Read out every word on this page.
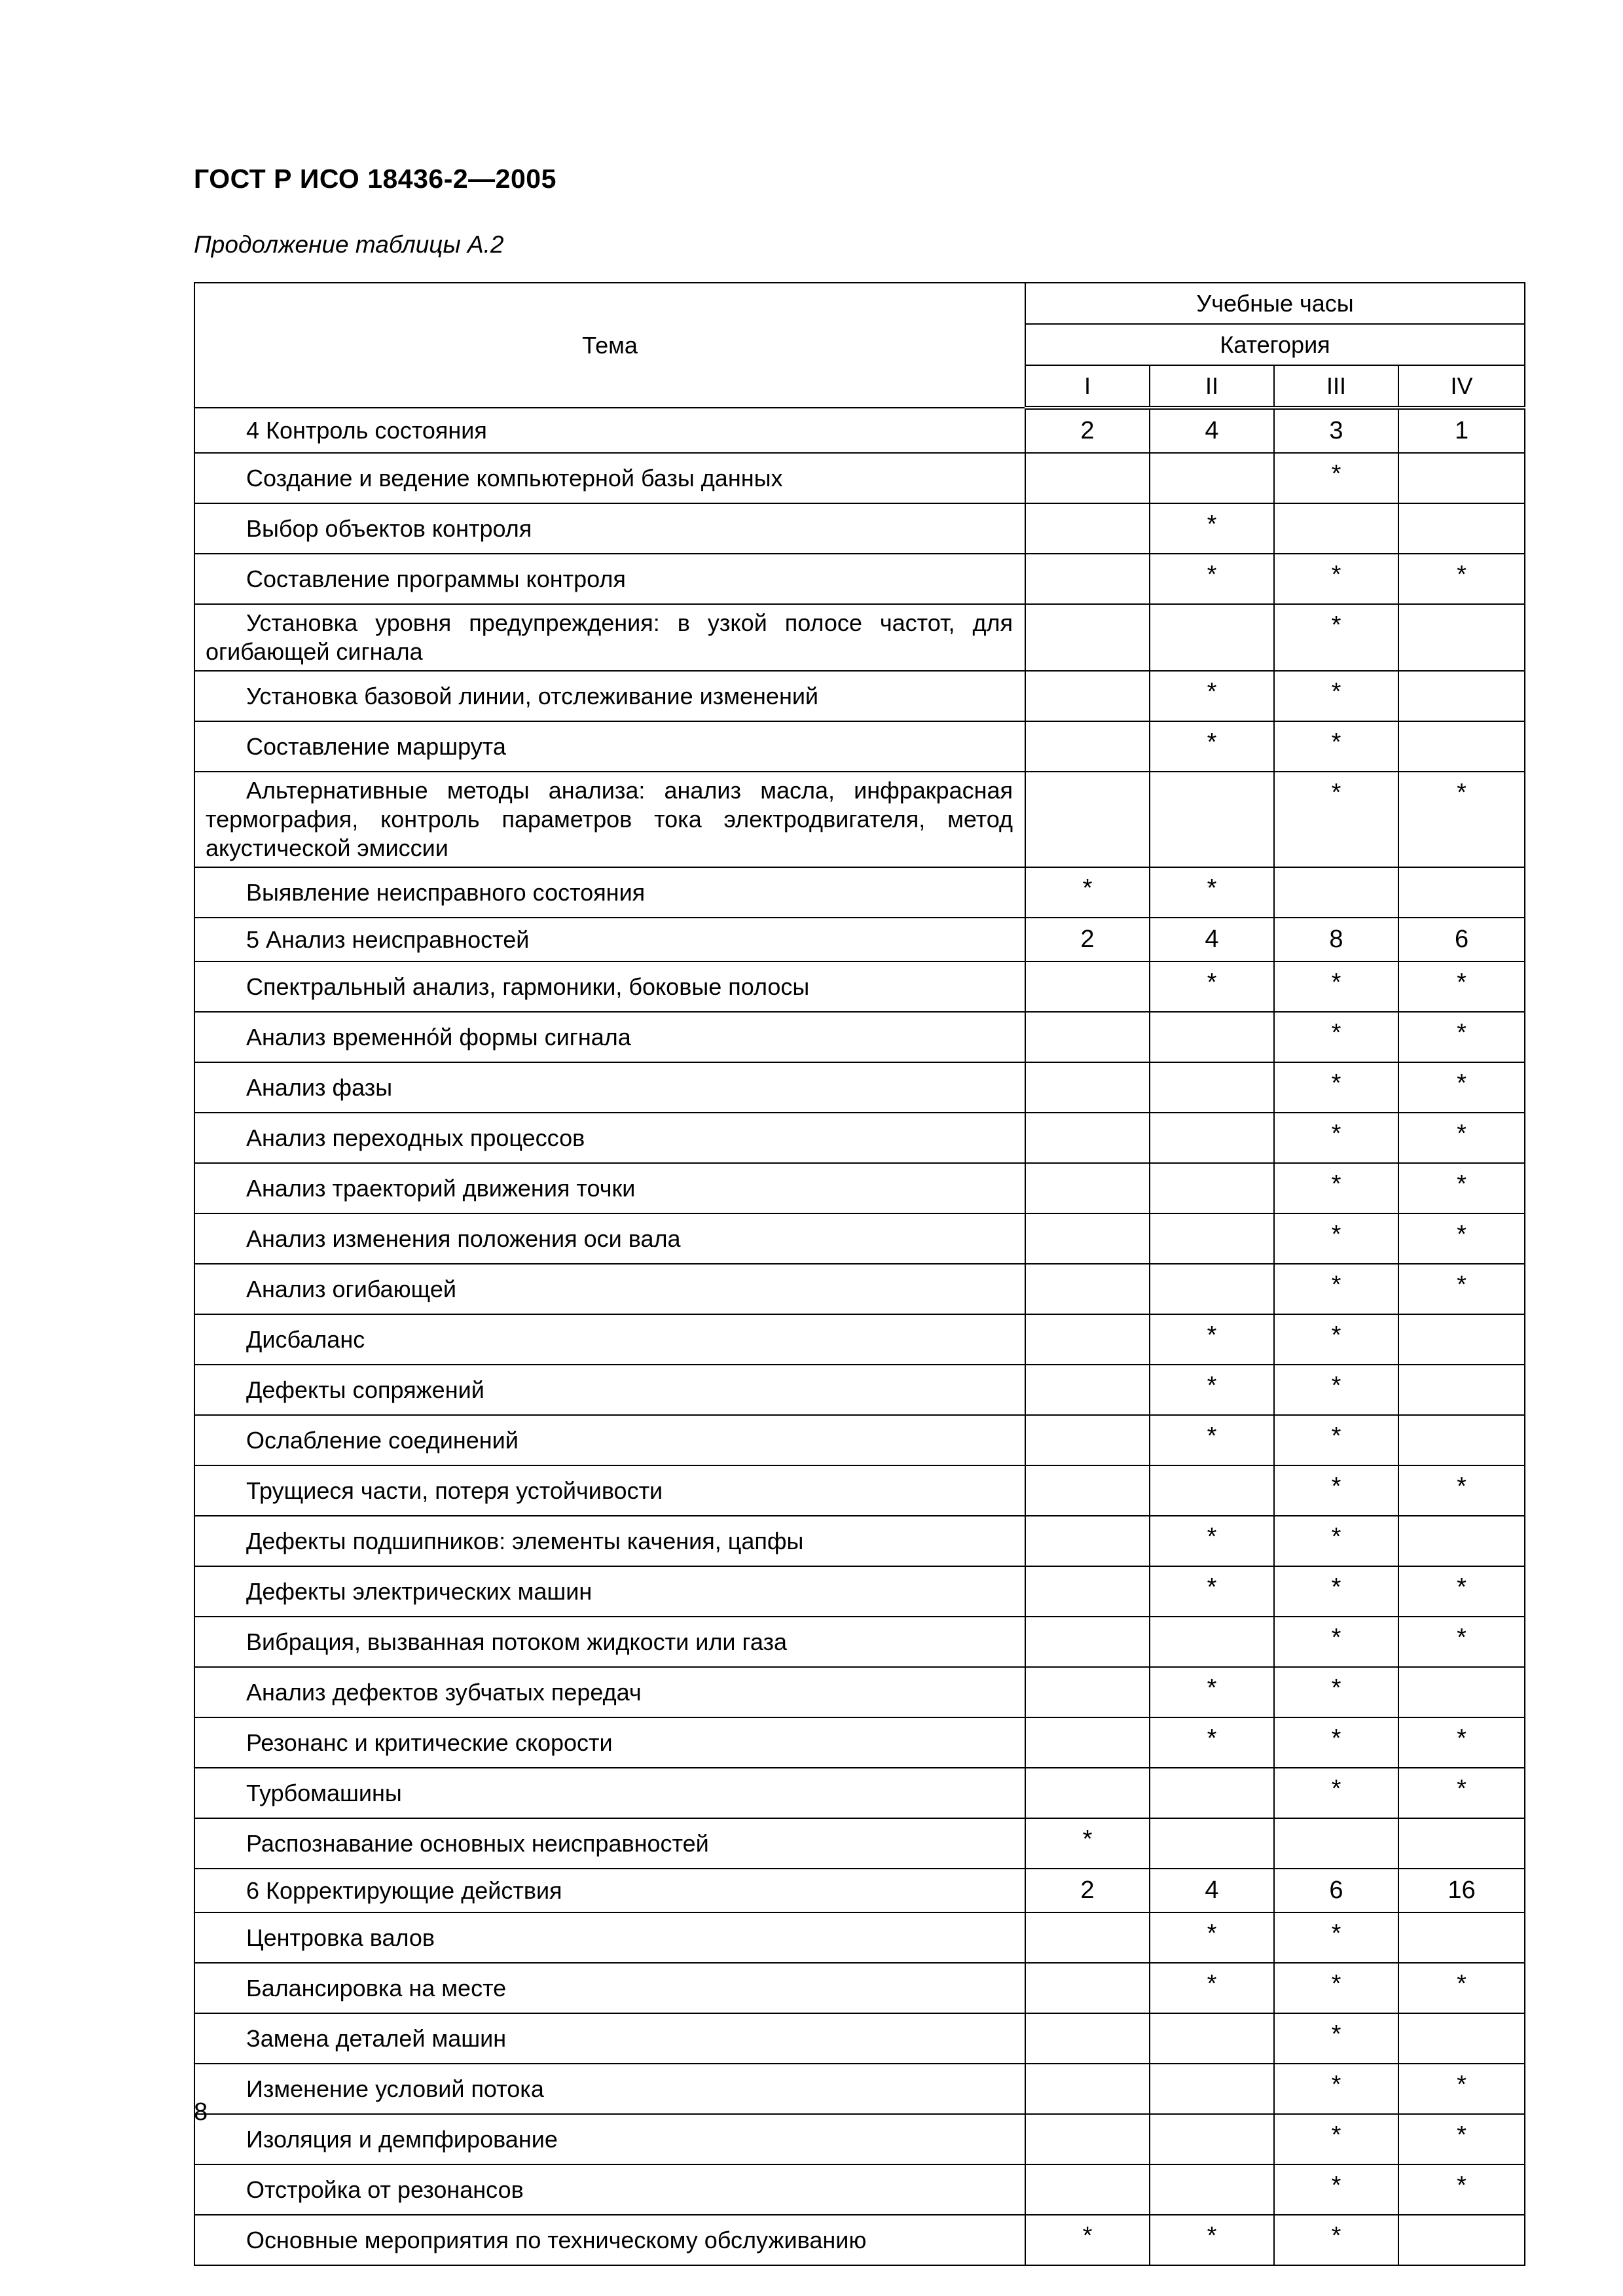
ГОСТ Р ИСО 18436-2—2005
Продолжение таблицы А.2
Тема	Учебные часы			
	Категория			
	I	II	III	IV
4 Контроль состояния	2	4	3	1
Создание и ведение компьютерной базы данных			*	
Выбор объектов контроля		*		
Составление программы контроля		*	*	*
Установка уровня предупреждения: в узкой полосе частот, для огибающей сигнала			*	
Установка базовой линии, отслеживание изменений		*	*	
Составление маршрута		*	*	
Альтернативные методы анализа: анализ масла, инфракрасная термография, контроль параметров тока электродвигателя, метод акустической эмиссии			*	*
Выявление неисправного состояния	*	*		
5 Анализ неисправностей	2	4	8	6
Спектральный анализ, гармоники, боковые полосы		*	*	*
Анализ временно́й формы сигнала			*	*
Анализ фазы			*	*
Анализ переходных процессов			*	*
Анализ траекторий движения точки			*	*
Анализ изменения положения оси вала			*	*
Анализ огибающей			*	*
Дисбаланс		*	*	
Дефекты сопряжений		*	*	
Ослабление соединений		*	*	
Трущиеся части, потеря устойчивости			*	*
Дефекты подшипников: элементы качения, цапфы		*	*	
Дефекты электрических машин		*	*	*
Вибрация, вызванная потоком жидкости или газа			*	*
Анализ дефектов зубчатых передач		*	*	
Резонанс и критические скорости		*	*	*
Турбомашины			*	*
Распознавание основных неисправностей	*			
6 Корректирующие действия	2	4	6	16
Центровка валов		*	*	
Балансировка на месте		*	*	*
Замена деталей машин			*	
Изменение условий потока			*	*
Изоляция и демпфирование			*	*
Отстройка от резонансов			*	*
Основные мероприятия по техническому обслуживанию	*	*	*	
8
